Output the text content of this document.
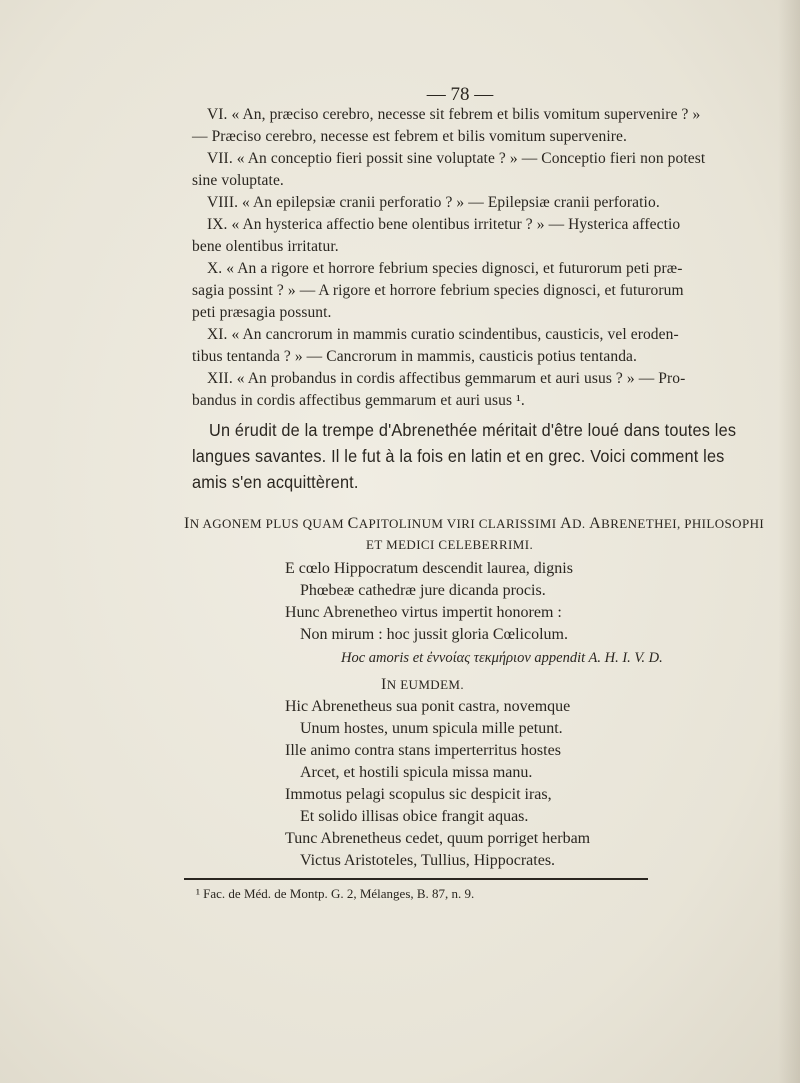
— 78 —
VI. « An, præciso cerebro, necesse sit febrem et bilis vomitum supervenire ? »
— Præciso cerebro, necesse est febrem et bilis vomitum supervenire.
VII. « An conceptio fieri possit sine voluptate ? » — Conceptio fieri non potest
sine voluptate.
VIII. « An epilepsiæ cranii perforatio ? » — Epilepsiæ cranii perforatio.
IX. « An hysterica affectio bene olentibus irritetur ? » — Hysterica affectio
bene olentibus irritatur.
X. « An a rigore et horrore febrium species dignosci, et futurorum peti præ-
sagia possint ? » — A rigore et horrore febrium species dignosci, et futurorum
peti præsagia possunt.
XI. « An cancrorum in mammis curatio scindentibus, causticis, vel eroden-
tibus tentanda ? » — Cancrorum in mammis, causticis potius tentanda.
XII. « An probandus in cordis affectibus gemmarum et auri usus ? » — Pro-
bandus in cordis affectibus gemmarum et auri usus ¹.
Un érudit de la trempe d'Abrenethée méritait d'être loué dans toutes les
langues savantes. Il le fut à la fois en latin et en grec. Voici comment les
amis s'en acquittèrent.
IN AGONEM PLUS QUAM CAPITOLINUM VIRI CLARISSIMI AD. ABRENETHEI, PHILOSOPHI
ET MEDICI CELEBERRIMI.
E cœlo Hippocratum descendit laurea, dignis
Phœbeæ cathedræ jure dicanda procis.
Hunc Abrenetheo virtus impertit honorem :
Non mirum : hoc jussit gloria Cœlicolum.
Hoc amoris et ἐννοίας τεκμήριον appendit A. H. I. V. D.
IN EUMDEM.
Hic Abrenetheus sua ponit castra, novemque
Unum hostes, unum spicula mille petunt.
Ille animo contra stans imperterritus hostes
Arcet, et hostili spicula missa manu.
Immotus pelagi scopulus sic despicit iras,
Et solido illisas obice frangit aquas.
Tunc Abrenetheus cedet, quum porriget herbam
Victus Aristoteles, Tullius, Hippocrates.
¹ Fac. de Méd. de Montp. G. 2, Mélanges, B. 87, n. 9.
